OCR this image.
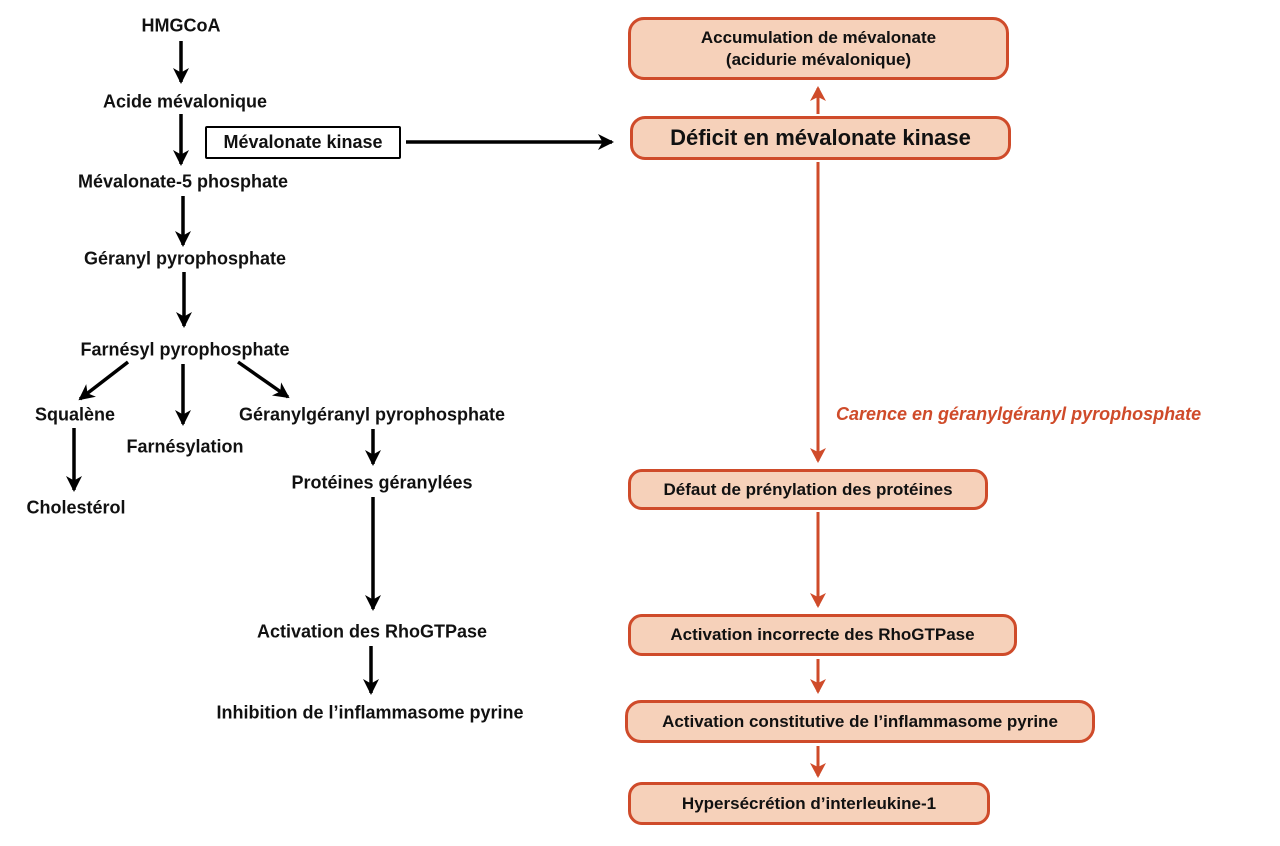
HMGCoA
Acide mévalonique
Mévalonate-5 phosphate
Géranyl pyrophosphate
Farnésyl pyrophosphate
Squalène
Farnésylation
Géranylgéranyl pyrophosphate
Cholestérol
Protéines géranylées
Activation des RhoGTPase
Inhibition de l’inflammasome pyrine
Mévalonate kinase
Accumulation de mévalonate
(acidurie mévalonique)
Déficit en mévalonate kinase
Carence en géranylgéranyl pyrophosphate
Défaut de prénylation des protéines
Activation incorrecte des RhoGTPase
Activation constitutive de l’inflammasome pyrine
Hypersécrétion d’interleukine-1
